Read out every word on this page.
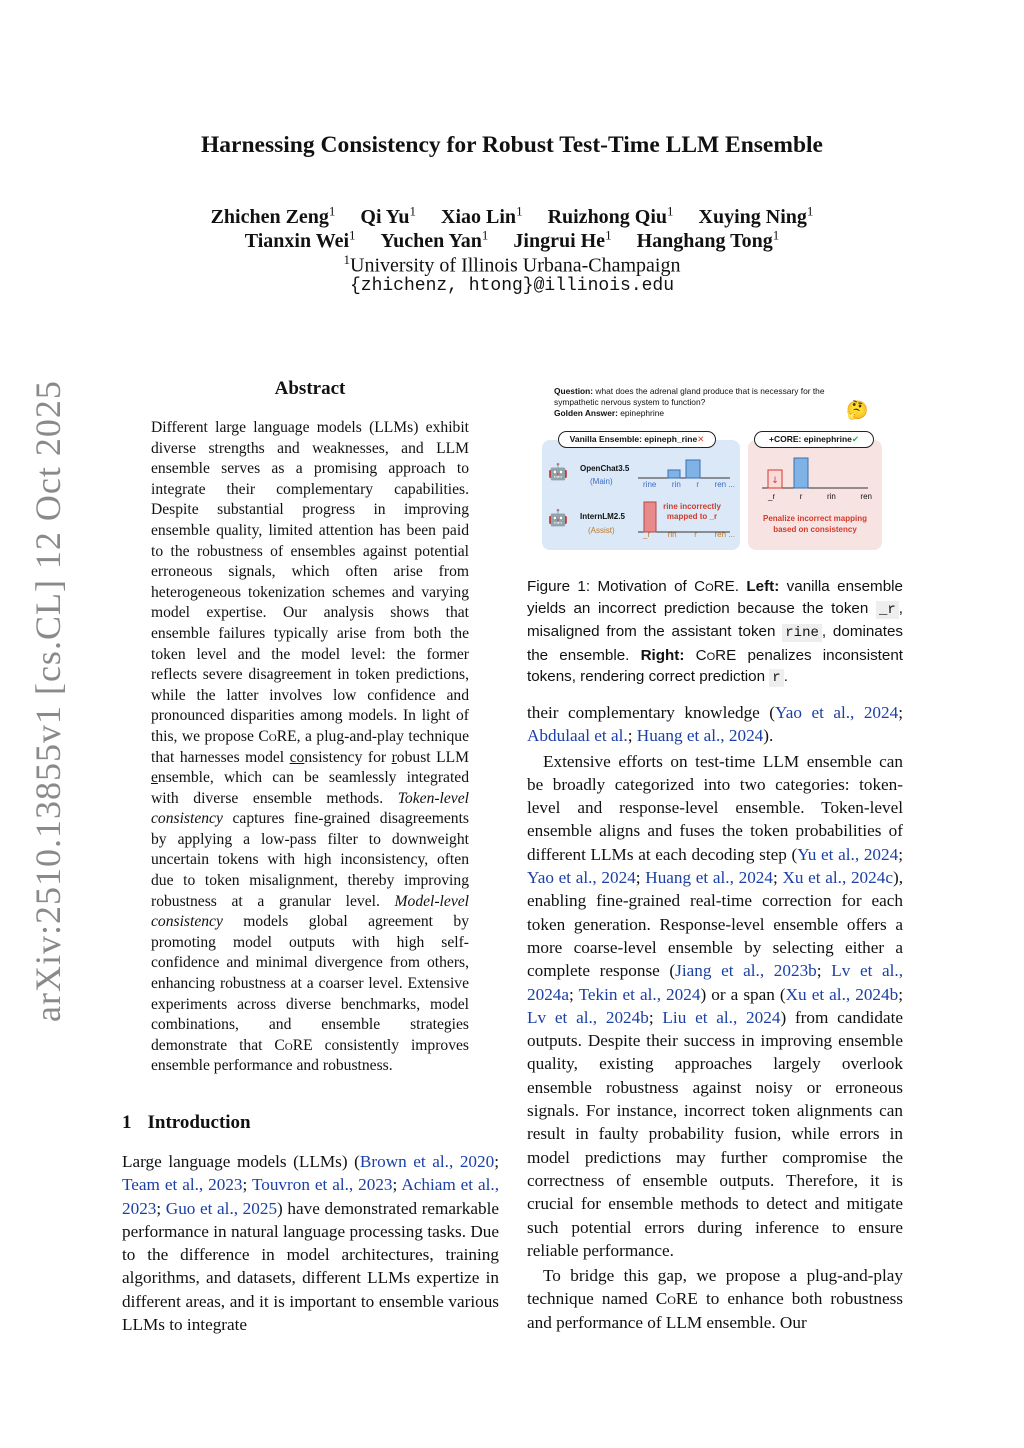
arXiv:2510.13855v1 [cs.CL] 12 Oct 2025
Harnessing Consistency for Robust Test-Time LLM Ensemble
Zhichen Zeng$^1$ Qi Yu$^1$ Xiao Lin$^1$ Ruizhong Qiu$^1$ Xuying Ning$^1$
Tianxin Wei$^1$ Yuchen Yan$^1$ Jingrui He$^1$ Hanghang Tong$^1$
$^1$University of Illinois Urbana-Champaign
{zhichenz, htong}@illinois.edu
Abstract

Different large language models (LLMs) exhibit diverse strengths and weaknesses, and LLM ensemble serves as a promising approach to integrate their complementary capabilities. Despite substantial progress in improving ensemble quality, limited attention has been paid to the robustness of ensembles against potential erroneous signals, which often arise from heterogeneous tokenization schemes and varying model expertise. Our analysis shows that ensemble failures typically arise from both the token level and the model level: the former reflects severe disagreement in token predictions, while the latter involves low confidence and pronounced disparities among models. In light of this, we propose CoRE, a plug-and-play technique that harnesses model consistency for robust LLM ensemble, which can be seamlessly integrated with diverse ensemble methods. Token-level consistency captures fine-grained disagreements by applying a low-pass filter to downweight uncertain tokens with high inconsistency, often due to token misalignment, thereby improving robustness at a granular level. Model-level consistency models global agreement by promoting model outputs with high self-confidence and minimal divergence from others, enhancing robustness at a coarser level. Extensive experiments across diverse benchmarks, model combinations, and ensemble strategies demonstrate that CoRE consistently improves ensemble performance and robustness.

1 Introduction

Large language models (LLMs) (Brown et al., 2020; Team et al., 2023; Touvron et al., 2023; Achiam et al., 2023; Guo et al., 2025) have demonstrated remarkable performance in natural language processing tasks. Due to the difference in model architectures, training algorithms, and datasets, different LLMs expertize in different areas, and it is important to ensemble various LLMs to integrate

Question: what does the adrenal gland produce that is necessary for the sympathetic nervous system to function?
Golden Answer: epinephrine	🤔
Vanilla Ensemble: epineph_rine✕
🤖 OpenChat3.5
(Main)	rine rin r ren ...
🤖 InternLM2.5
(Assist)
rine incorrectly mapped to _r
_r rin r ren ...
+CORE: epinephrine✔
↓
_r	r	rin	ren
Penalize incorrect mapping based on consistency

Figure 1: Motivation of CoRE. Left: vanilla ensemble yields an incorrect prediction because the token _r , misaligned from the assistant token rine , dominates the ensemble. Right: CoRE penalizes inconsistent tokens, rendering correct prediction r .

their complementary knowledge (Yao et al., 2024; Abdulaal et al.; Huang et al., 2024).

Extensive efforts on test-time LLM ensemble can be broadly categorized into two categories: token-level and response-level ensemble. Token-level ensemble aligns and fuses the token probabilities of different LLMs at each decoding step (Yu et al., 2024; Yao et al., 2024; Huang et al., 2024; Xu et al., 2024c), enabling fine-grained real-time correction for each token generation. Response-level ensemble offers a more coarse-level ensemble by selecting either a complete response (Jiang et al., 2023b; Lv et al., 2024a; Tekin et al., 2024) or a span (Xu et al., 2024b; Lv et al., 2024b; Liu et al., 2024) from candidate outputs. Despite their success in improving ensemble quality, existing approaches largely overlook ensemble robustness against noisy or erroneous signals. For instance, incorrect token alignments can result in faulty probability fusion, while errors in model predictions may further compromise the correctness of ensemble outputs. Therefore, it is crucial for ensemble methods to detect and mitigate such potential errors during inference to ensure reliable performance.

To bridge this gap, we propose a plug-and-play technique named CoRE to enhance both robustness and performance of LLM ensemble. Our
